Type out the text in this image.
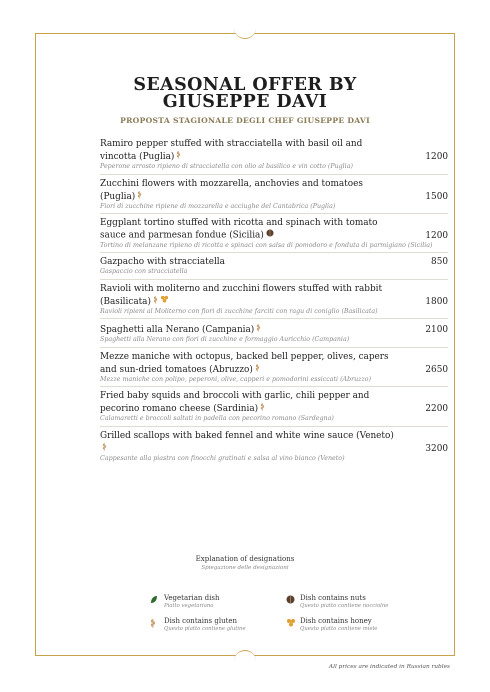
SEASONAL OFFER BY
GIUSEPPE DAVI
PROPOSTA STAGIONALE DEGLI CHEF GIUSEPPE DAVI
Ramiro pepper stuffed with stracciatella with basil oil and vincotta (Puglia)
Peperone arrosto ripieno di stracciatella con olio al basilico e vin cotto (Puglia)
1200
Zucchini flowers with mozzarella, anchovies and tomatoes (Puglia)
Fiori di zucchine ripiene di mozzarella e acciughe del Cantabrica (Puglia)
1500
Eggplant tortino stuffed with ricotta and spinach with tomato sauce and parmesan fondue (Sicilia)
Tortino di melanzane ripieno di ricotta e spinaci con salsa di pomodoro e fonduta di parmigiano (Sicilia)
1200
Gazpacho with stracciatella
Gaspaccio con stracciatella
850
Ravioli with moliterno and zucchini flowers stuffed with rabbit (Basilicata)
Ravioli ripieni al Moliterno con fiori di zucchine farciti con ragu di coniglio (Basilicata)
1800
Spaghetti alla Nerano (Campania)
Spaghetti alla Nerano con fiori di zucchine e formaggio Auricchio (Campania)
2100
Mezze maniche with octopus, backed bell pepper, olives, capers and sun-dried tomatoes (Abruzzo)
Mezze maniche con polipo, peperoni, olive, capperi e pomodorini essiccati (Abruzzo)
2650
Fried baby squids and broccoli with garlic, chili pepper and pecorino romano cheese (Sardinia)
Calamaretti e broccoli saltati in padella con pecorino romano (Sardegna)
2200
Grilled scallops with baked fennel and white wine sauce (Veneto)
Cappesante alla piastra con finocchi gratinati e salsa al vino bianco (Veneto)
3200
Explanation of designations
Spiegazione delle designazioni
Vegetarian dish
Piatto vegetariano
Dish contains gluten
Questo piatto contiene glutine
Dish contains nuts
Questo piatto contiene nocciolne
Dish contains honey
Questo piatto contiene miele
All prices are indicated in Russian rubles
